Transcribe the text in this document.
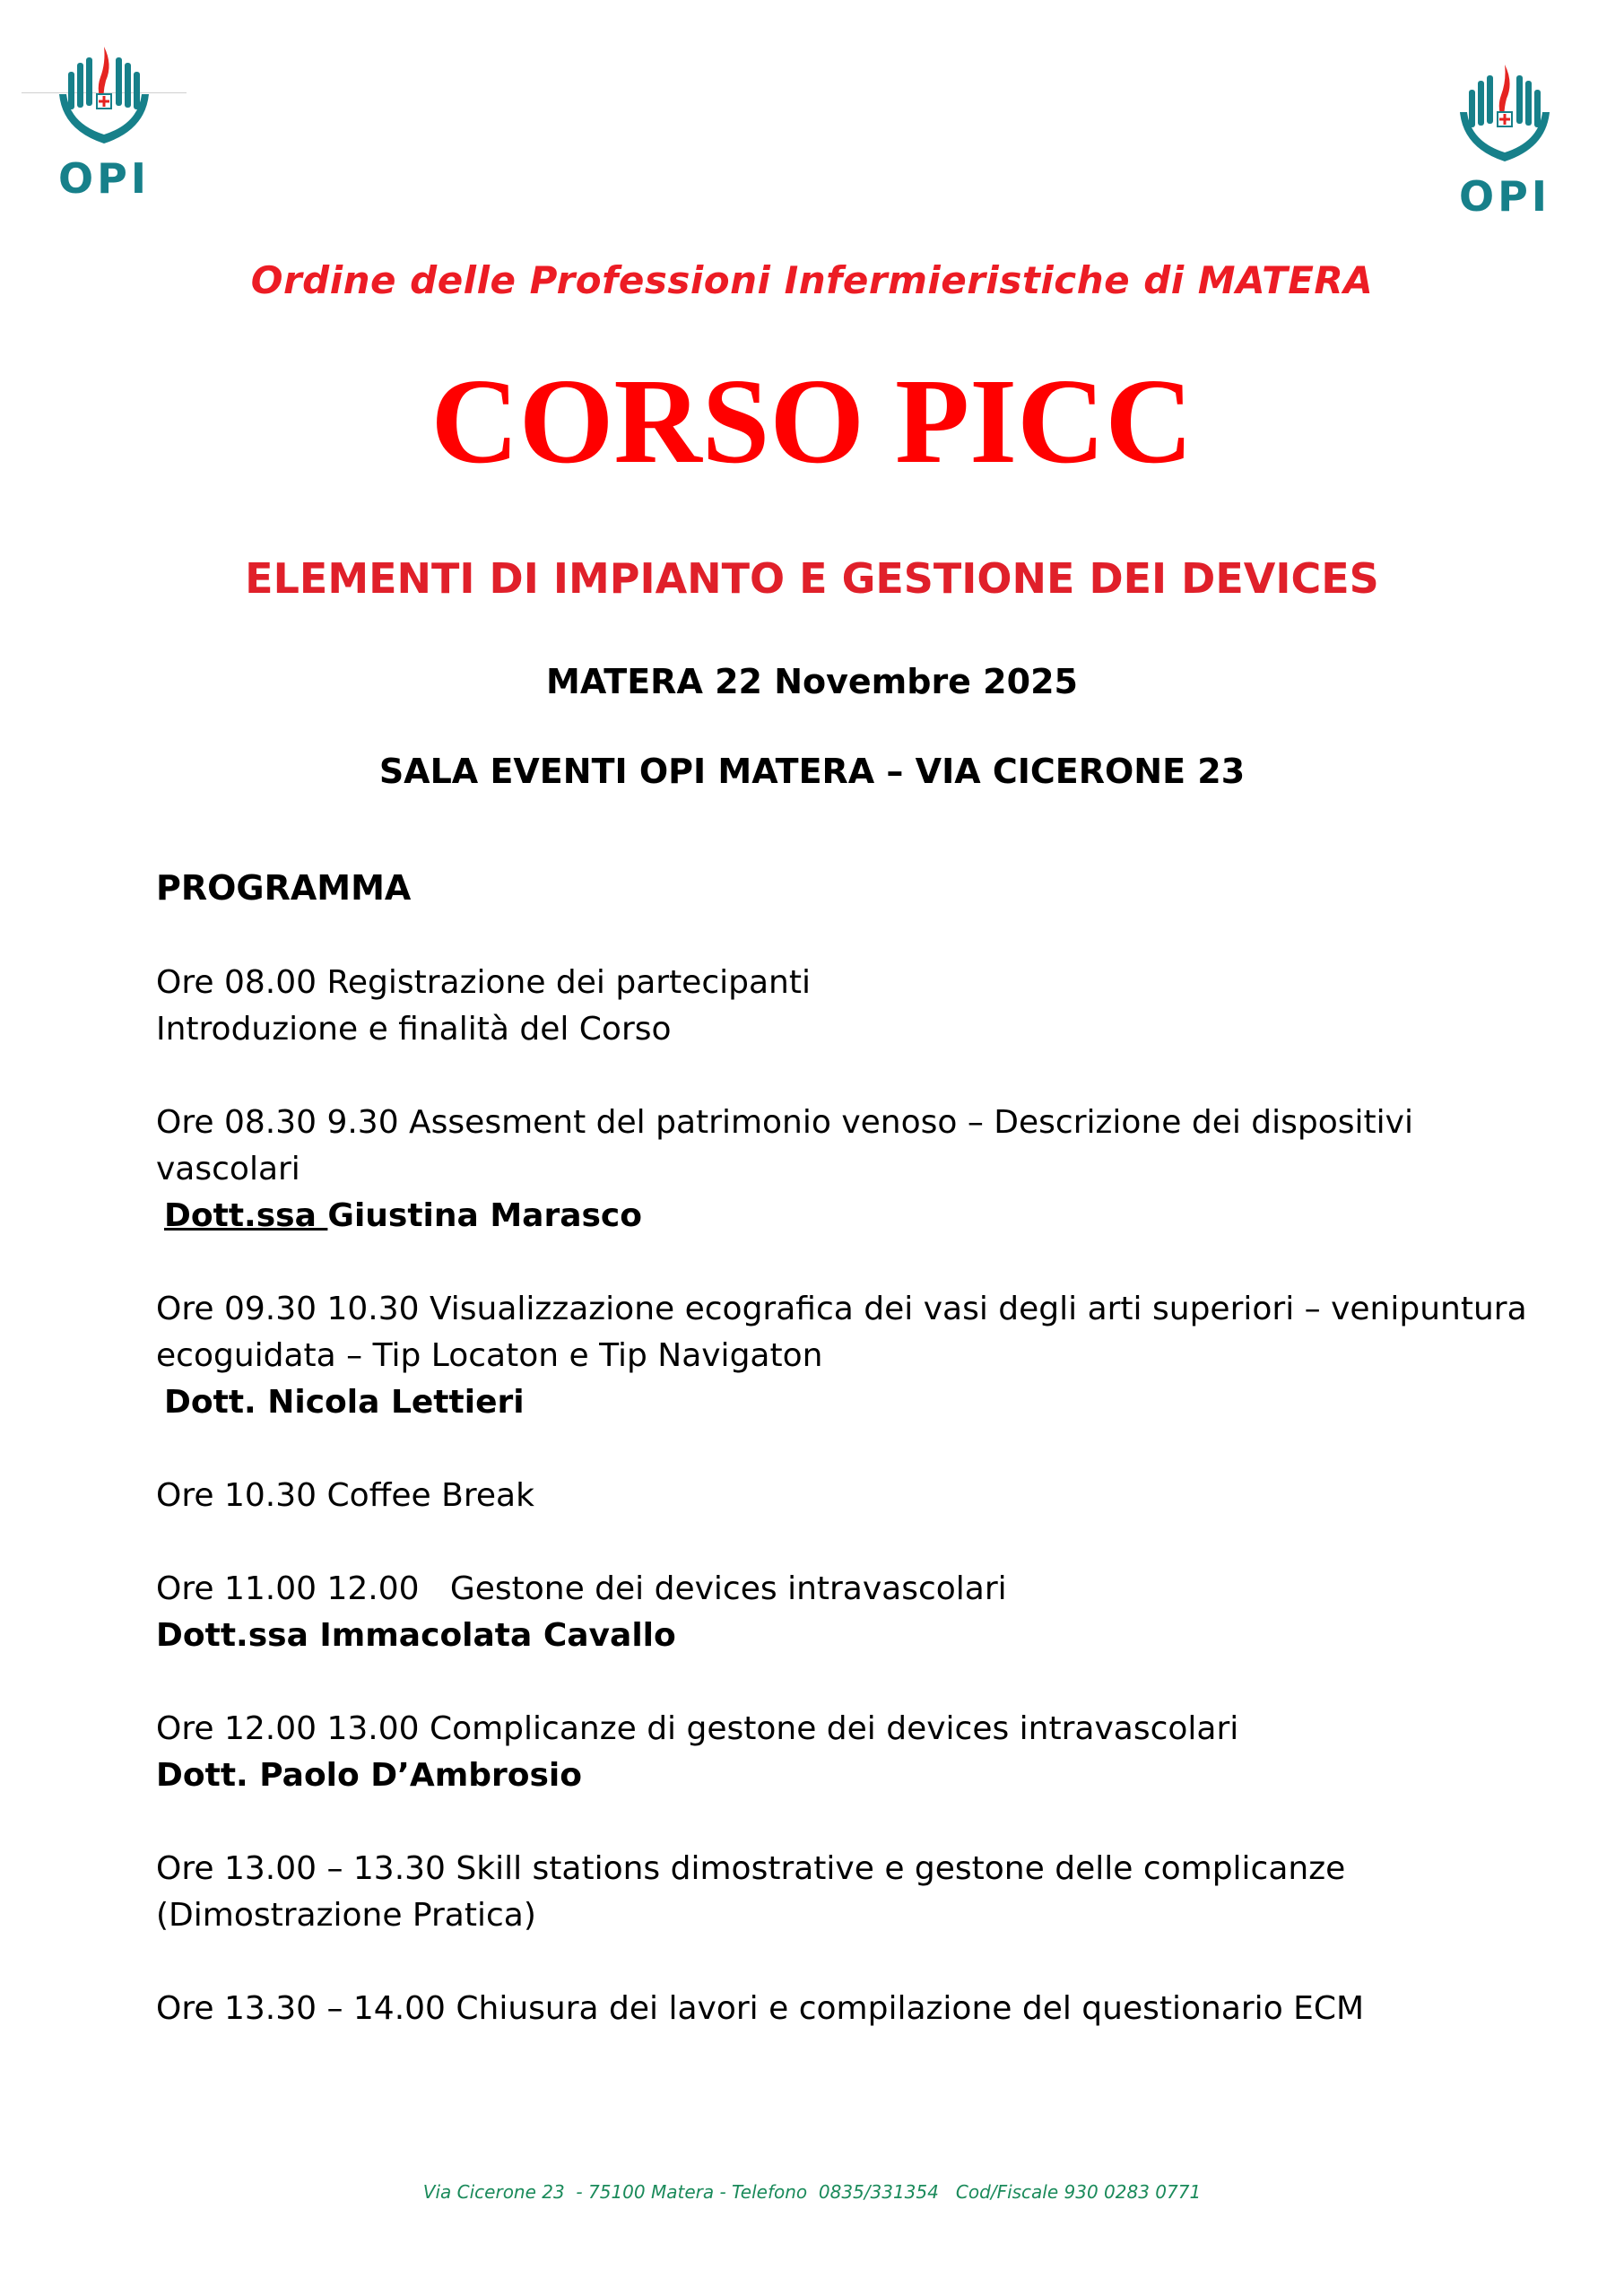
OPI	OPI
Ordine delle Professioni Infermieristiche di MATERA
CORSO PICC
ELEMENTI DI IMPIANTO E GESTIONE DEI DEVICES
MATERA 22 Novembre 2025
SALA EVENTI OPI MATERA – VIA CICERONE 23
PROGRAMMA
Ore 08.00 Registrazione dei partecipanti
Introduzione e finalità del Corso
Ore 08.30 9.30 Assesment del patrimonio venoso – Descrizione dei dispositivi
vascolari
Dott.ssa Giustina Marasco
Ore 09.30 10.30 Visualizzazione ecografica dei vasi degli arti superiori – venipuntura
ecoguidata – Tip Locaton e Tip Navigaton
Dott. Nicola Lettieri
Ore 10.30 Coffee Break
Ore 11.00 12.00   Gestone dei devices intravascolari
Dott.ssa Immacolata Cavallo
Ore 12.00 13.00 Complicanze di gestone dei devices intravascolari
Dott. Paolo D’Ambrosio
Ore 13.00 – 13.30 Skill stations dimostrative e gestone delle complicanze
(Dimostrazione Pratica)
Ore 13.30 – 14.00 Chiusura dei lavori e compilazione del questionario ECM
Via Cicerone 23  - 75100 Matera - Telefono  0835/331354   Cod/Fiscale 930 0283 0771
